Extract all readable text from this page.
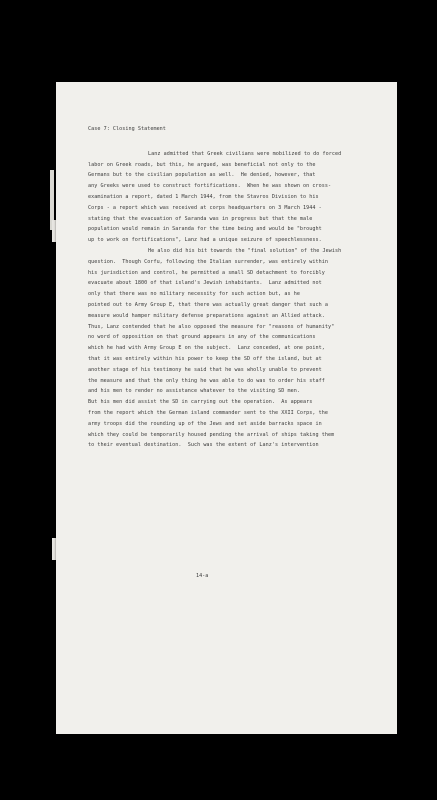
Case 7: Closing Statement
Lanz admitted that Greek civilians were mobilized to do forced
labor on Greek roads, but this, he argued, was beneficial not only to the
Germans but to the civilian population as well.  He denied, however, that
any Greeks were used to construct fortifications.  When he was shown on cross-
examination a report, dated 1 March 1944, from the Stavros Division to his
Corps - a report which was received at corps headquarters on 3 March 1944 -
stating that the evacuation of Saranda was in progress but that the male
population would remain in Saranda for the time being and would be "brought
up to work on fortifications", Lanz had a unique seizure of speechlessness.
He also did his bit towards the "final solution" of the Jewish
question.  Though Corfu, following the Italian surrender, was entirely within
his jurisdiction and control, he permitted a small SD detachment to forcibly
evacuate about 1800 of that island's Jewish inhabitants.  Lanz admitted not
only that there was no military necessity for such action but, as he
pointed out to Army Group E, that there was actually great danger that such a
measure would hamper military defense preparations against an Allied attack.
Thus, Lanz contended that he also opposed the measure for "reasons of humanity"
no word of opposition on that ground appears in any of the communications
which he had with Army Group E on the subject.  Lanz conceded, at one point,
that it was entirely within his power to keep the SD off the island, but at
another stage of his testimony he said that he was wholly unable to prevent
the measure and that the only thing he was able to do was to order his staff
and his men to render no assistance whatever to the visiting SD men.
But his men did assist the SD in carrying out the operation.  As appears
from the report which the German island commander sent to the XXII Corps, the
army troops did the rounding up of the Jews and set aside barracks space in
which they could be temporarily housed pending the arrival of ships taking them
to their eventual destination.  Such was the extent of Lanz's intervention
14-a
